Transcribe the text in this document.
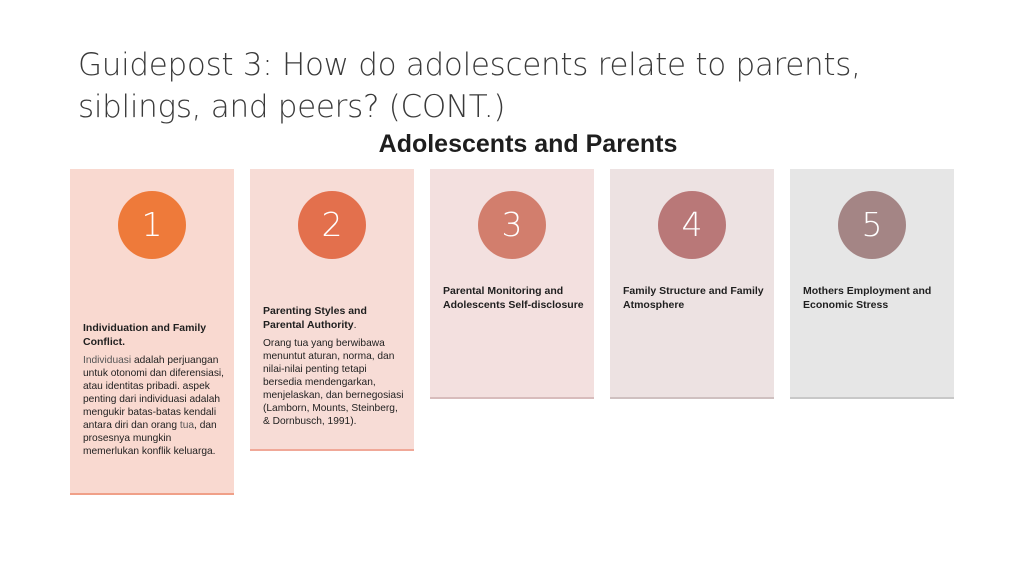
Guidepost 3: How do adolescents relate to parents, siblings, and peers? (CONT.)
Adolescents and Parents
1
Individuation and Family Conflict.
Individuasi adalah perjuangan untuk otonomi dan diferensiasi, atau identitas pribadi. aspek penting dari individuasi adalah mengukir batas-batas kendali antara diri dan orang tua, dan prosesnya mungkin memerlukan konflik keluarga.
2
Parenting Styles and Parental Authority.
Orang tua yang berwibawa menuntut aturan, norma, dan nilai-nilai penting tetapi bersedia mendengarkan, menjelaskan, dan bernegosiasi (Lamborn, Mounts, Steinberg, & Dornbusch, 1991).
3
Parental Monitoring and Adolescents Self-disclosure
4
Family Structure and Family Atmosphere
5
Mothers Employment and Economic Stress
